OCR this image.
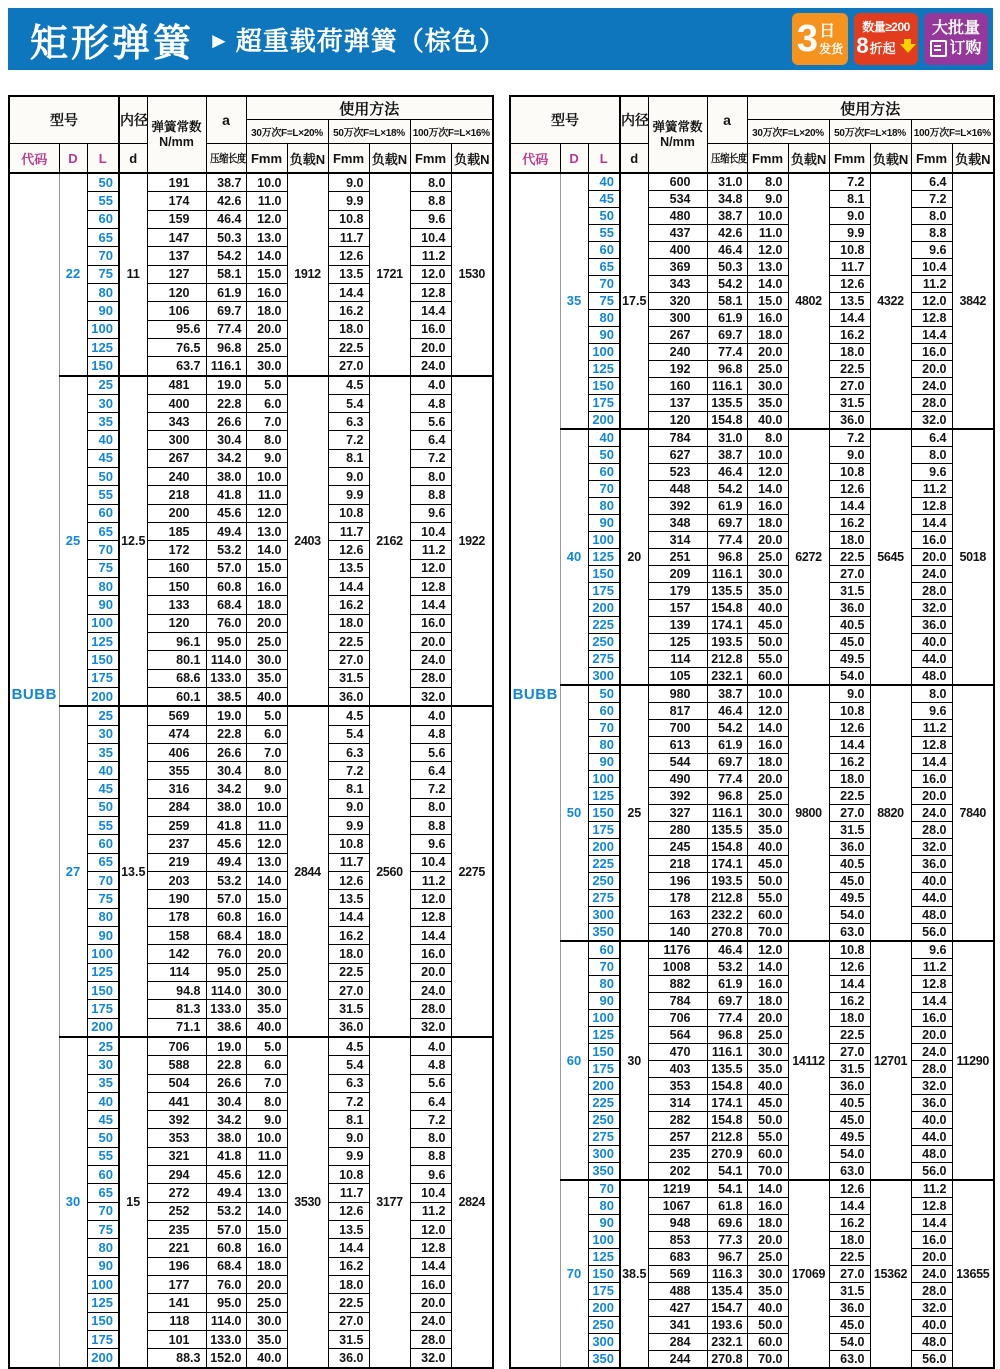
矩形弹簧 ► 超重载荷弹簧（棕色）	3 日
发货
数量≥200
8 折起
大批量
订购
型号			内径	弹簧常数
N/mm	a	使用方法					
						30万次F=L×20%		50万次F=L×18%		100万次F=L×16%	
代码	D	L	d		压缩长度	Fmm	负载N	Fmm	负载N	Fmm	负载N

BUBB	22	50	11	191	38.7	10.0	1912	9.0	1721	8.0	1530
		55		174	42.6	11.0		9.9		8.8	
		60		159	46.4	12.0		10.8		9.6	
		65		147	50.3	13.0		11.7		10.4	
		70		137	54.2	14.0		12.6		11.2	
		75		127	58.1	15.0		13.5		12.0	
		80		120	61.9	16.0		14.4		12.8	
		90		106	69.7	18.0		16.2		14.4	
		100		95.6	77.4	20.0		18.0		16.0	
		125		76.5	96.8	25.0		22.5		20.0	
		150		63.7	116.1	30.0		27.0		24.0	
	25	25	12.5	481	19.0	5.0	2403	4.5	2162	4.0	1922
		30		400	22.8	6.0		5.4		4.8	
		35		343	26.6	7.0		6.3		5.6	
		40		300	30.4	8.0		7.2		6.4	
		45		267	34.2	9.0		8.1		7.2	
		50		240	38.0	10.0		9.0		8.0	
		55		218	41.8	11.0		9.9		8.8	
		60		200	45.6	12.0		10.8		9.6	
		65		185	49.4	13.0		11.7		10.4	
		70		172	53.2	14.0		12.6		11.2	
		75		160	57.0	15.0		13.5		12.0	
		80		150	60.8	16.0		14.4		12.8	
		90		133	68.4	18.0		16.2		14.4	
		100		120	76.0	20.0		18.0		16.0	
		125		96.1	95.0	25.0		22.5		20.0	
		150		80.1	114.0	30.0		27.0		24.0	
		175		68.6	133.0	35.0		31.5		28.0	
		200		60.1	38.5	40.0		36.0		32.0	
	27	25	13.5	569	19.0	5.0	2844	4.5	2560	4.0	2275
		30		474	22.8	6.0		5.4		4.8	
		35		406	26.6	7.0		6.3		5.6	
		40		355	30.4	8.0		7.2		6.4	
		45		316	34.2	9.0		8.1		7.2	
		50		284	38.0	10.0		9.0		8.0	
		55		259	41.8	11.0		9.9		8.8	
		60		237	45.6	12.0		10.8		9.6	
		65		219	49.4	13.0		11.7		10.4	
		70		203	53.2	14.0		12.6		11.2	
		75		190	57.0	15.0		13.5		12.0	
		80		178	60.8	16.0		14.4		12.8	
		90		158	68.4	18.0		16.2		14.4	
		100		142	76.0	20.0		18.0		16.0	
		125		114	95.0	25.0		22.5		20.0	
		150		94.8	114.0	30.0		27.0		24.0	
		175		81.3	133.0	35.0		31.5		28.0	
		200		71.1	38.6	40.0		36.0		32.0	
	30	25	15	706	19.0	5.0	3530	4.5	3177	4.0	2824
		30		588	22.8	6.0		5.4		4.8	
		35		504	26.6	7.0		6.3		5.6	
		40		441	30.4	8.0		7.2		6.4	
		45		392	34.2	9.0		8.1		7.2	
		50		353	38.0	10.0		9.0		8.0	
		55		321	41.8	11.0		9.9		8.8	
		60		294	45.6	12.0		10.8		9.6	
		65		272	49.4	13.0		11.7		10.4	
		70		252	53.2	14.0		12.6		11.2	
		75		235	57.0	15.0		13.5		12.0	
		80		221	60.8	16.0		14.4		12.8	
		90		196	68.4	18.0		16.2		14.4	
		100		177	76.0	20.0		18.0		16.0	
		125		141	95.0	25.0		22.5		20.0	
		150		118	114.0	30.0		27.0		24.0	
		175		101	133.0	35.0		31.5		28.0	
		200		88.3	152.0	40.0		36.0		32.0	
型号			内径	弹簧常数
N/mm	a	使用方法					
						30万次F=L×20%		50万次F=L×18%		100万次F=L×16%	
代码	D	L	d		压缩长度	Fmm	负载N	Fmm	负载N	Fmm	负载N

BUBB	35	40	17.5	600	31.0	8.0	4802	7.2	4322	6.4	3842
		45		534	34.8	9.0		8.1		7.2	
		50		480	38.7	10.0		9.0		8.0	
		55		437	42.6	11.0		9.9		8.8	
		60		400	46.4	12.0		10.8		9.6	
		65		369	50.3	13.0		11.7		10.4	
		70		343	54.2	14.0		12.6		11.2	
		75		320	58.1	15.0		13.5		12.0	
		80		300	61.9	16.0		14.4		12.8	
		90		267	69.7	18.0		16.2		14.4	
		100		240	77.4	20.0		18.0		16.0	
		125		192	96.8	25.0		22.5		20.0	
		150		160	116.1	30.0		27.0		24.0	
		175		137	135.5	35.0		31.5		28.0	
		200		120	154.8	40.0		36.0		32.0	
	40	40	20	784	31.0	8.0	6272	7.2	5645	6.4	5018
		50		627	38.7	10.0		9.0		8.0	
		60		523	46.4	12.0		10.8		9.6	
		70		448	54.2	14.0		12.6		11.2	
		80		392	61.9	16.0		14.4		12.8	
		90		348	69.7	18.0		16.2		14.4	
		100		314	77.4	20.0		18.0		16.0	
		125		251	96.8	25.0		22.5		20.0	
		150		209	116.1	30.0		27.0		24.0	
		175		179	135.5	35.0		31.5		28.0	
		200		157	154.8	40.0		36.0		32.0	
		225		139	174.1	45.0		40.5		36.0	
		250		125	193.5	50.0		45.0		40.0	
		275		114	212.8	55.0		49.5		44.0	
		300		105	232.1	60.0		54.0		48.0	
	50	50	25	980	38.7	10.0	9800	9.0	8820	8.0	7840
		60		817	46.4	12.0		10.8		9.6	
		70		700	54.2	14.0		12.6		11.2	
		80		613	61.9	16.0		14.4		12.8	
		90		544	69.7	18.0		16.2		14.4	
		100		490	77.4	20.0		18.0		16.0	
		125		392	96.8	25.0		22.5		20.0	
		150		327	116.1	30.0		27.0		24.0	
		175		280	135.5	35.0		31.5		28.0	
		200		245	154.8	40.0		36.0		32.0	
		225		218	174.1	45.0		40.5		36.0	
		250		196	193.5	50.0		45.0		40.0	
		275		178	212.8	55.0		49.5		44.0	
		300		163	232.2	60.0		54.0		48.0	
		350		140	270.8	70.0		63.0		56.0	
	60	60	30	1176	46.4	12.0	14112	10.8	12701	9.6	11290
		70		1008	53.2	14.0		12.6		11.2	
		80		882	61.9	16.0		14.4		12.8	
		90		784	69.7	18.0		16.2		14.4	
		100		706	77.4	20.0		18.0		16.0	
		125		564	96.8	25.0		22.5		20.0	
		150		470	116.1	30.0		27.0		24.0	
		175		403	135.5	35.0		31.5		28.0	
		200		353	154.8	40.0		36.0		32.0	
		225		314	174.1	45.0		40.5		36.0	
		250		282	154.8	50.0		45.0		40.0	
		275		257	212.8	55.0		49.5		44.0	
		300		235	270.9	60.0		54.0		48.0	
		350		202	54.1	70.0		63.0		56.0	
	70	70	38.5	1219	54.1	14.0	17069	12.6	15362	11.2	13655
		80		1067	61.8	16.0		14.4		12.8	
		90		948	69.6	18.0		16.2		14.4	
		100		853	77.3	20.0		18.0		16.0	
		125		683	96.7	25.0		22.5		20.0	
		150		569	116.3	30.0		27.0		24.0	
		175		488	135.4	35.0		31.5		28.0	
		200		427	154.7	40.0		36.0		32.0	
		250		341	193.6	50.0		45.0		40.0	
		300		284	232.1	60.0		54.0		48.0	
		350		244	270.8	70.0		63.0		56.0	
